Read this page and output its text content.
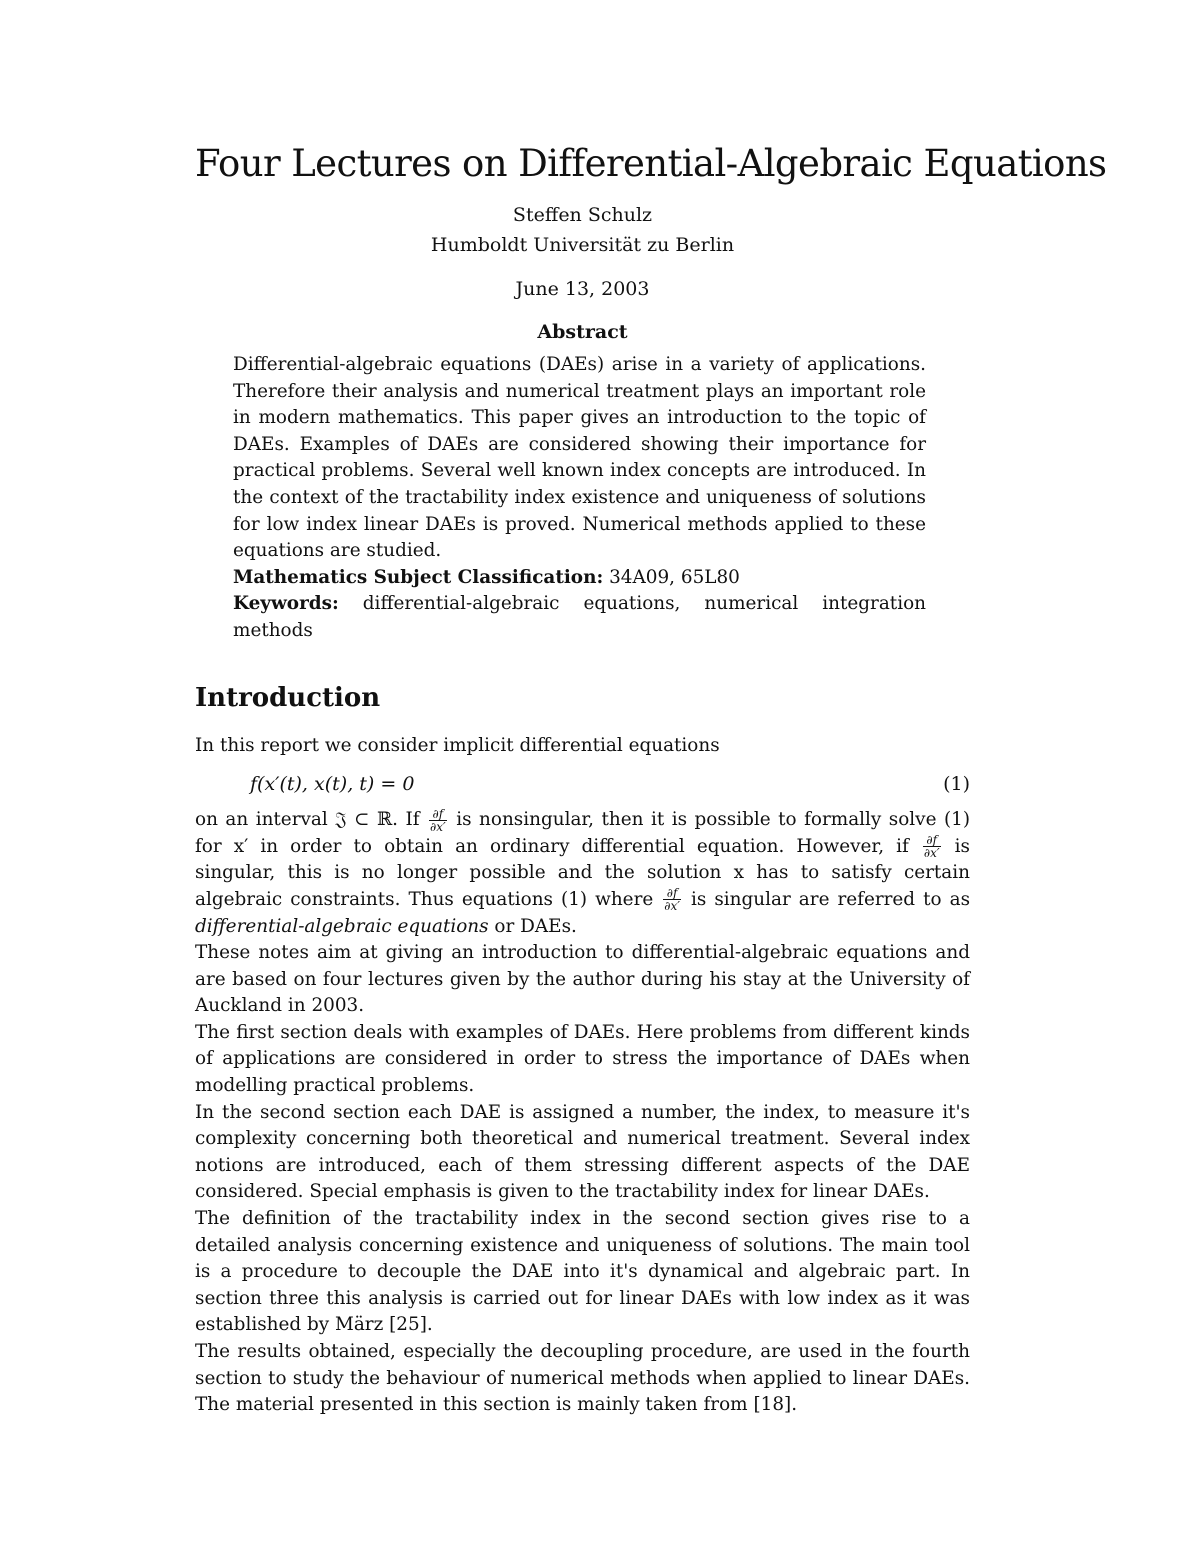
Four Lectures on Differential-Algebraic Equations

Steffen Schulz

Humboldt Universität zu Berlin

June 13, 2003

Abstract

Differential-algebraic equations (DAEs) arise in a variety of applications. Therefore their analysis and numerical treatment plays an important role in modern mathematics. This paper gives an introduction to the topic of DAEs. Examples of DAEs are considered showing their importance for practical problems. Several well known index concepts are introduced. In the context of the tractability index existence and uniqueness of solutions for low index linear DAEs is proved. Numerical methods applied to these equations are studied.

Mathematics Subject Classification: 34A09, 65L80

Keywords: differential-algebraic equations, numerical integration methods

Introduction

In this report we consider implicit differential equations

f(x′(t), x(t), t) = 0	(1)

on an interval 𝔍 ⊂ ℝ. If $\frac{\partial f}{\partial x'}$ is nonsingular, then it is possible to formally solve (1) for x′ in order to obtain an ordinary differential equation. However, if $\frac{\partial f}{\partial x'}$ is singular, this is no longer possible and the solution x has to satisfy certain algebraic constraints. Thus equations (1) where $\frac{\partial f}{\partial x'}$ is singular are referred to as differential-algebraic equations or DAEs.

These notes aim at giving an introduction to differential-algebraic equations and are based on four lectures given by the author during his stay at the University of Auckland in 2003.

The first section deals with examples of DAEs. Here problems from different kinds of applications are considered in order to stress the importance of DAEs when modelling practical problems.

In the second section each DAE is assigned a number, the index, to measure it's complexity concerning both theoretical and numerical treatment. Several index notions are introduced, each of them stressing different aspects of the DAE considered. Special emphasis is given to the tractability index for linear DAEs.

The definition of the tractability index in the second section gives rise to a detailed analysis concerning existence and uniqueness of solutions. The main tool is a procedure to decouple the DAE into it's dynamical and algebraic part. In section three this analysis is carried out for linear DAEs with low index as it was established by März [25].

The results obtained, especially the decoupling procedure, are used in the fourth section to study the behaviour of numerical methods when applied to linear DAEs. The material presented in this section is mainly taken from [18].
